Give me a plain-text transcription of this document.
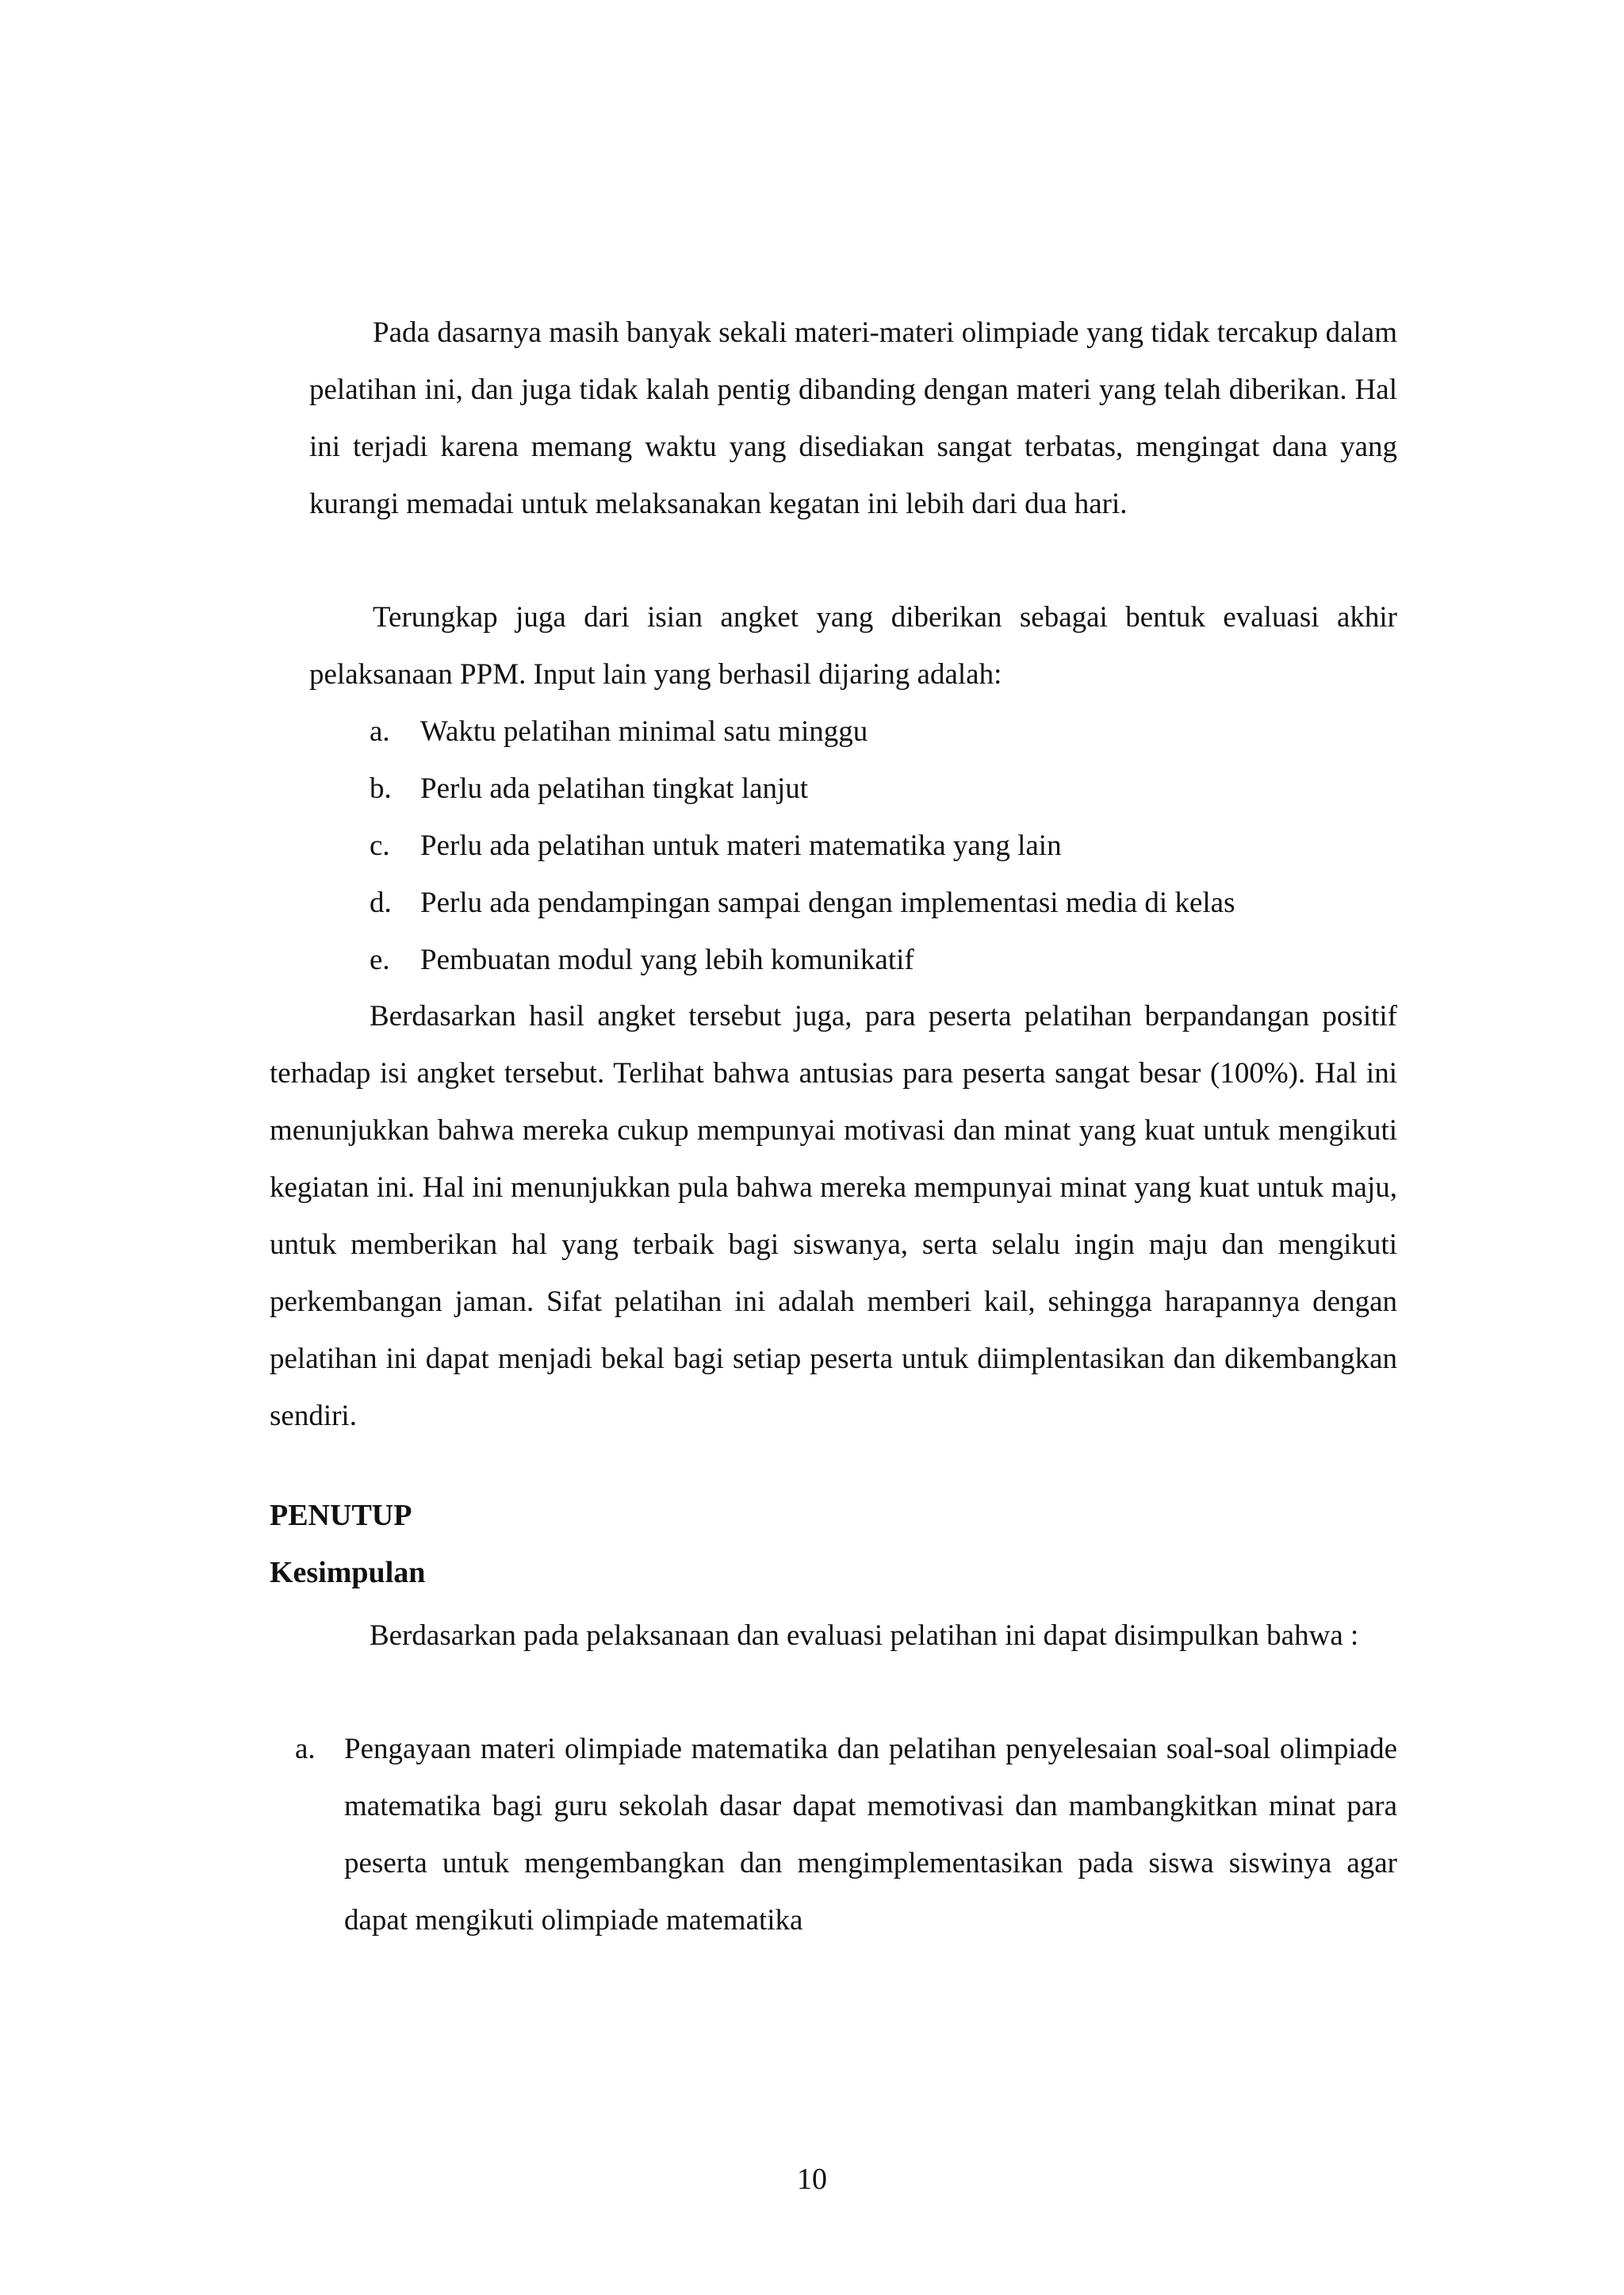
Pada dasarnya masih banyak sekali materi-materi olimpiade yang tidak tercakup dalam pelatihan ini, dan juga tidak kalah pentig dibanding dengan materi yang telah diberikan. Hal ini terjadi karena memang waktu yang disediakan sangat terbatas, mengingat dana yang kurangi memadai untuk melaksanakan kegatan ini lebih dari dua hari.

Terungkap juga dari isian angket yang diberikan sebagai bentuk evaluasi akhir pelaksanaan PPM. Input lain yang berhasil dijaring adalah:

a. Waktu pelatihan minimal satu minggu
b. Perlu ada pelatihan tingkat lanjut
c. Perlu ada pelatihan untuk materi matematika yang lain
d. Perlu ada pendampingan sampai dengan implementasi media di kelas
e. Pembuatan modul yang lebih komunikatif

Berdasarkan hasil angket tersebut juga, para peserta pelatihan berpandangan positif terhadap isi angket tersebut. Terlihat bahwa antusias para peserta sangat besar (100%). Hal ini menunjukkan bahwa mereka cukup mempunyai motivasi dan minat yang kuat untuk mengikuti kegiatan ini. Hal ini menunjukkan pula bahwa mereka mempunyai minat yang kuat untuk maju, untuk memberikan hal yang terbaik bagi siswanya, serta selalu ingin maju dan mengikuti perkembangan jaman. Sifat pelatihan ini adalah memberi kail, sehingga harapannya dengan pelatihan ini dapat menjadi bekal bagi setiap peserta untuk diimplentasikan dan dikembangkan sendiri.

PENUTUP
Kesimpulan

Berdasarkan pada pelaksanaan dan evaluasi pelatihan ini dapat disimpulkan bahwa :

a. Pengayaan materi olimpiade matematika dan pelatihan penyelesaian soal-soal olimpiade matematika bagi guru sekolah dasar dapat memotivasi dan mambangkitkan minat para peserta untuk mengembangkan dan mengimplementasikan pada siswa siswinya agar dapat mengikuti olimpiade matematika

10
